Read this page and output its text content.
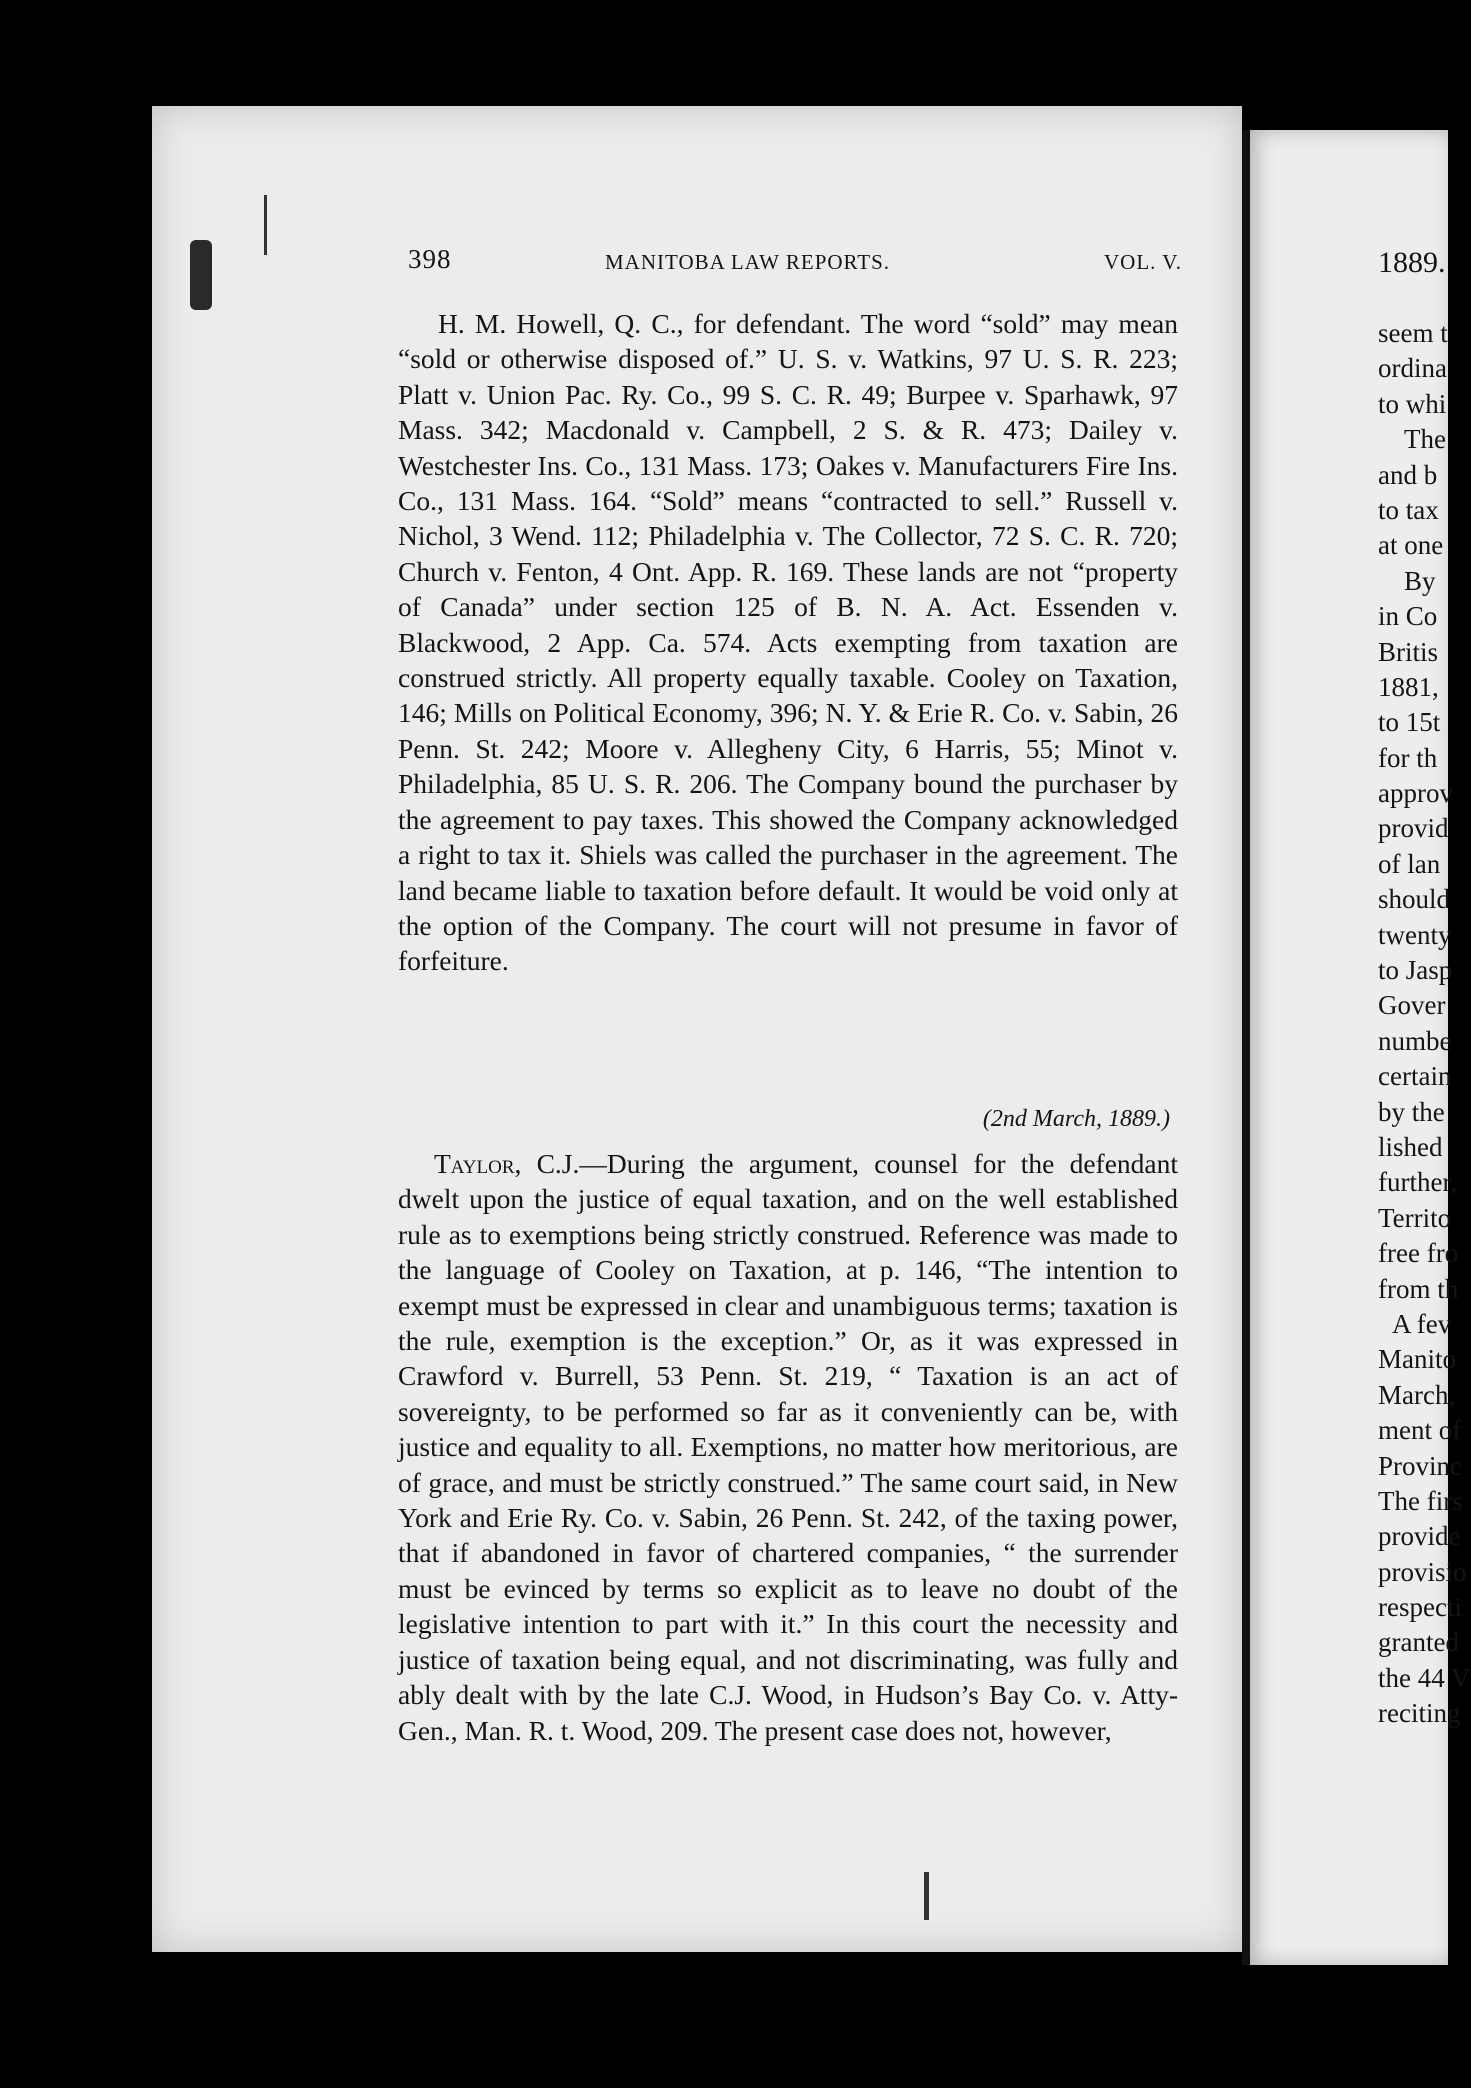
398	MANITOBA LAW REPORTS.	VOL. V.

H. M. Howell, Q. C., for defendant. The word “sold” may mean “sold or otherwise disposed of.” U. S. v. Watkins, 97 U. S. R. 223; Platt v. Union Pac. Ry. Co., 99 S. C. R. 49; Burpee v. Sparhawk, 97 Mass. 342; Macdonald v. Campbell, 2 S. & R. 473; Dailey v. Westchester Ins. Co., 131 Mass. 173; Oakes v. Manufacturers Fire Ins. Co., 131 Mass. 164. “Sold” means “contracted to sell.” Russell v. Nichol, 3 Wend. 112; Philadelphia v. The Collector, 72 S. C. R. 720; Church v. Fenton, 4 Ont. App. R. 169. These lands are not “property of Canada” under section 125 of B. N. A. Act. Essenden v. Blackwood, 2 App. Ca. 574. Acts exempting from taxation are construed strictly. All property equally taxable. Cooley on Taxation, 146; Mills on Political Economy, 396; N. Y. & Erie R. Co. v. Sabin, 26 Penn. St. 242; Moore v. Allegheny City, 6 Harris, 55; Minot v. Philadelphia, 85 U. S. R. 206. The Company bound the purchaser by the agreement to pay taxes. This showed the Company acknowledged a right to tax it. Shiels was called the purchaser in the agreement. The land became liable to taxation before default. It would be void only at the option of the Company. The court will not presume in favor of forfeiture.

(2nd March, 1889.)

Taylor, C.J.—During the argument, counsel for the defendant dwelt upon the justice of equal taxation, and on the well established rule as to exemptions being strictly construed. Reference was made to the language of Cooley on Taxation, at p. 146, “The intention to exempt must be expressed in clear and unambiguous terms; taxation is the rule, exemption is the exception.” Or, as it was expressed in Crawford v. Burrell, 53 Penn. St. 219, “ Taxation is an act of sovereignty, to be performed so far as it conveniently can be, with justice and equality to all. Exemptions, no matter how meritorious, are of grace, and must be strictly construed.” The same court said, in New York and Erie Ry. Co. v. Sabin, 26 Penn. St. 242, of the taxing power, that if abandoned in favor of chartered companies, “ the surrender must be evinced by terms so explicit as to leave no doubt of the legislative intention to part with it.” In this court the necessity and justice of taxation being equal, and not discriminating, was fully and ably dealt with by the late C.J. Wood, in Hudson’s Bay Co. v. Atty-Gen., Man. R. t. Wood, 209. The present case does not, however,

1889.
seem t
ordina
to whi
The
and b
to tax
at one
By
in Co
Britis
1881,
to 15t
for th
approv
provid
of lan
should
twenty
to Jasp
Gover
numbe
certain
by the
lished
further,
Territo
free fro
from th
A fev
Manito
March,
ment of
Provinc
The firs
provide
provisio
respecti
granted
the 44 V
reciting
